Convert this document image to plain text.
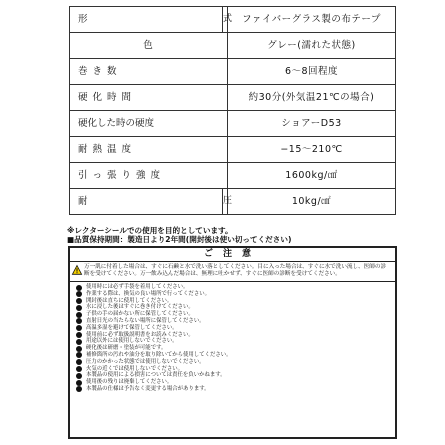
形	式	ファイバーグラス製の布テープ
色		グレー(濡れた状態)
巻き数		6〜8回程度
硬化時間		約30分(外気温21℃の場合)
硬化した時の硬度		ショアーD53
耐熱温度		−15〜210℃
引っ張り強度		1600kg/㎠
耐	圧	10kg/㎠
※レクターシールでの使用を目的としています。
■品質保持期間：製造日より2年間(開封後は使い切ってください)
ご注意
万一肌に付着した場合は、すぐに石鹸と水で洗い落としてください。目に入った場合は、すぐに水で洗い流し、医師の診断を受けてください。万一飲み込んだ場合は、無理に吐かせず、すぐに医師の診断を受けてください。
使用時には必ず手袋を着用してください。
作業する際は、換気の良い場所で行ってください。
開封後は直ちに使用してください。
水に浸した後はすぐに巻き付けてください。
子供の手の届かない所に保管してください。
直射日光の当たらない場所に保管してください。
高温多湿を避けて保管してください。
使用前に必ず取扱説明書をお読みください。
用途以外には使用しないでください。
硬化後は研磨・塗装が可能です。
補修箇所の汚れや油分を取り除いてから使用してください。
圧力のかかった状態では使用しないでください。
火気の近くでは使用しないでください。
本製品の使用による損害については責任を負いかねます。
使用後の残りは廃棄してください。
本製品の仕様は予告なく変更する場合があります。
